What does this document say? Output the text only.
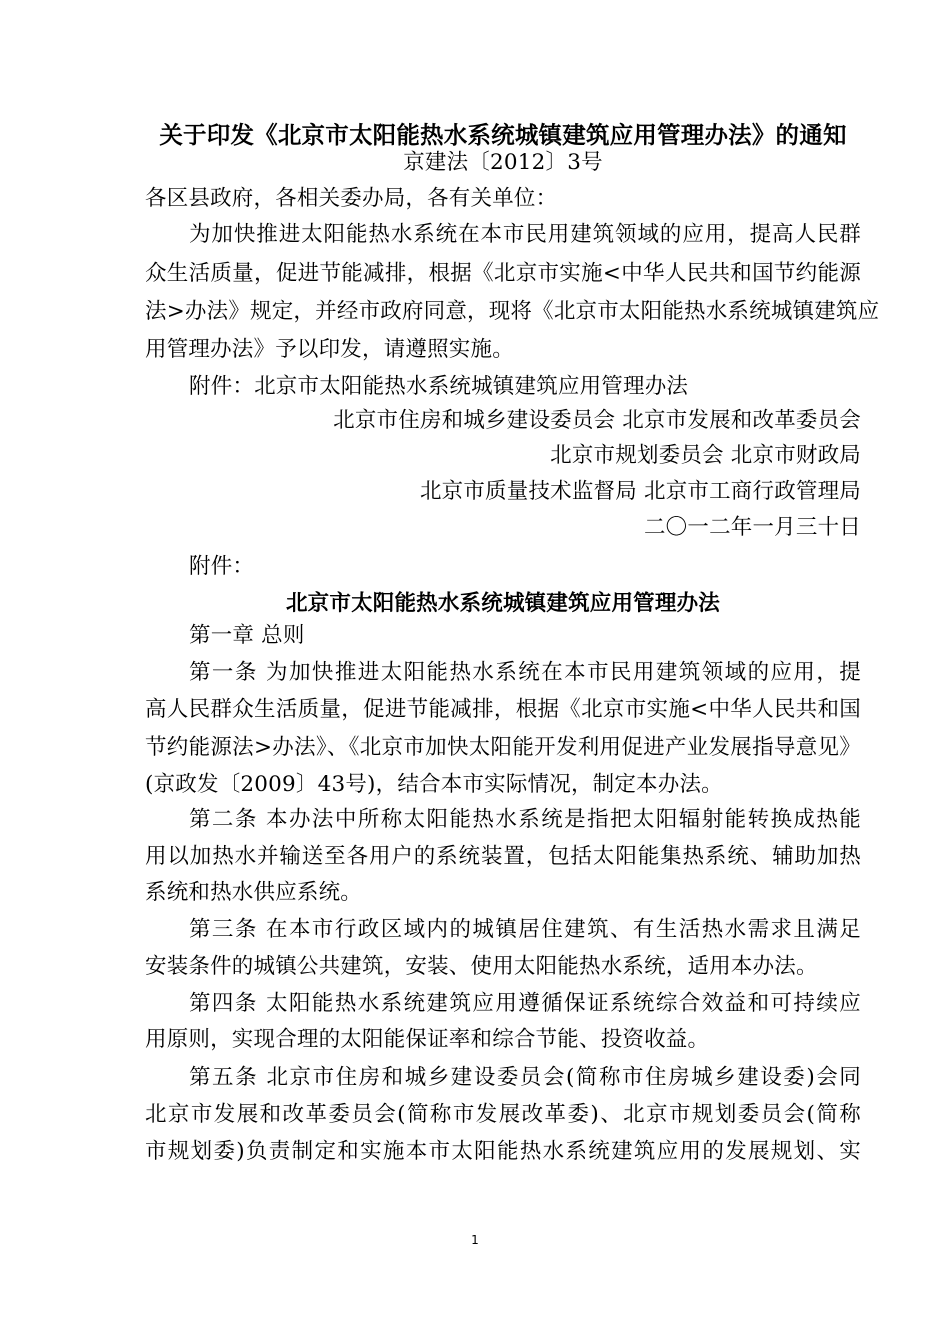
关于印发《北京市太阳能热水系统城镇建筑应用管理办法》的通知
京建法〔2012〕3号
各区县政府，各相关委办局，各有关单位：
为加快推进太阳能热水系统在本市民用建筑领域的应用，提高人民群
众生活质量，促进节能减排，根据《北京市实施<中华人民共和国节约能源
法>办法》规定，并经市政府同意，现将《北京市太阳能热水系统城镇建筑应
用管理办法》予以印发，请遵照实施。
附件：北京市太阳能热水系统城镇建筑应用管理办法
北京市住房和城乡建设委员会 北京市发展和改革委员会
北京市规划委员会 北京市财政局
北京市质量技术监督局 北京市工商行政管理局
二〇一二年一月三十日
附件：
北京市太阳能热水系统城镇建筑应用管理办法
第一章 总则
第一条 为加快推进太阳能热水系统在本市民用建筑领域的应用，提
高人民群众生活质量，促进节能减排，根据《北京市实施<中华人民共和国
节约能源法>办法》、《北京市加快太阳能开发利用促进产业发展指导意见》
(京政发〔2009〕43号)，结合本市实际情况，制定本办法。
第二条 本办法中所称太阳能热水系统是指把太阳辐射能转换成热能
用以加热水并输送至各用户的系统装置，包括太阳能集热系统、辅助加热
系统和热水供应系统。
第三条 在本市行政区域内的城镇居住建筑、有生活热水需求且满足
安装条件的城镇公共建筑，安装、使用太阳能热水系统，适用本办法。
第四条 太阳能热水系统建筑应用遵循保证系统综合效益和可持续应
用原则，实现合理的太阳能保证率和综合节能、投资收益。
第五条 北京市住房和城乡建设委员会(简称市住房城乡建设委)会同
北京市发展和改革委员会(简称市发展改革委)、北京市规划委员会(简称
市规划委)负责制定和实施本市太阳能热水系统建筑应用的发展规划、实
1
